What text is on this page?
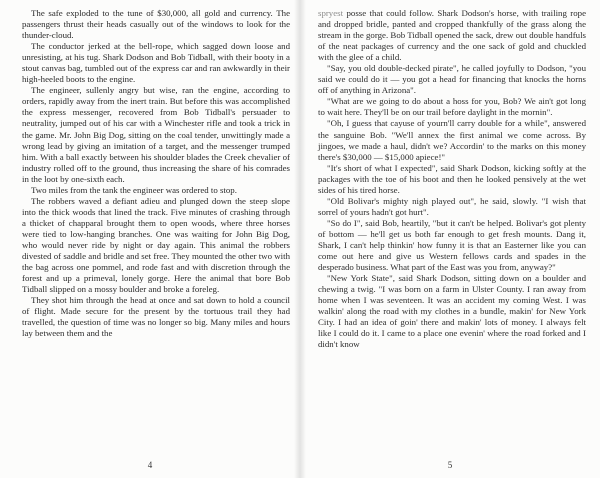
The safe exploded to the tune of $30,000, all gold and currency. The passengers thrust their heads casually out of the windows to look for the thunder-cloud.

The conductor jerked at the bell-rope, which sagged down loose and unresisting, at his tug. Shark Dodson and Bob Tidball, with their booty in a stout canvas bag, tumbled out of the express car and ran awkwardly in their high-heeled boots to the engine.

The engineer, sullenly angry but wise, ran the engine, according to orders, rapidly away from the inert train. But before this was accomplished the express messenger, recovered from Bob Tidball's persuader to neutrality, jumped out of his car with a Winchester rifle and took a trick in the game. Mr. John Big Dog, sitting on the coal tender, unwittingly made a wrong lead by giving an imitation of a target, and the messenger trumped him. With a ball exactly between his shoulder blades the Creek chevalier of industry rolled off to the ground, thus increasing the share of his comrades in the loot by one-sixth each.

Two miles from the tank the engineer was ordered to stop.

The robbers waved a defiant adieu and plunged down the steep slope into the thick woods that lined the track. Five minutes of crashing through a thicket of chapparal brought them to open woods, where three horses were tied to low-hanging branches. One was waiting for John Big Dog, who would never ride by night or day again. This animal the robbers divested of saddle and bridle and set free. They mounted the other two with the bag across one pommel, and rode fast and with discretion through the forest and up a primeval, lonely gorge. Here the animal that bore Bob Tidball slipped on a mossy boulder and broke a foreleg.

They shot him through the head at once and sat down to hold a council of flight. Made secure for the present by the tortuous trail they had travelled, the question of time was no longer so big. Many miles and hours lay between them and the

4

spryest posse that could follow. Shark Dodson's horse, with trailing rope and dropped bridle, panted and cropped thankfully of the grass along the stream in the gorge. Bob Tidball opened the sack, drew out double handfuls of the neat packages of currency and the one sack of gold and chuckled with the glee of a child.

"Say, you old double-decked pirate", he called joyfully to Dodson, "you said we could do it — you got a head for financing that knocks the horns off of anything in Arizona".

"What are we going to do about a hoss for you, Bob? We ain't got long to wait here. They'll be on our trail before daylight in the mornin".

"Oh, I guess that cayuse of yourn'll carry double for a while", answered the sanguine Bob. "We'll annex the first animal we come across. By jingoes, we made a haul, didn't we? Accordin' to the marks on this money there's $30,000 — $15,000 apiece!"

"It's short of what I expected", said Shark Dodson, kicking softly at the packages with the toe of his boot and then he looked pensively at the wet sides of his tired horse.

"Old Bolivar's mighty nigh played out", he said, slowly. "I wish that sorrel of yours hadn't got hurt".

"So do I", said Bob, heartily, "but it can't be helped. Bolivar's got plenty of bottom — he'll get us both far enough to get fresh mounts. Dang it, Shark, I can't help thinkin' how funny it is that an Easterner like you can come out here and give us Western fellows cards and spades in the desperado business. What part of the East was you from, anyway?"

"New York State", said Shark Dodson, sitting down on a boulder and chewing a twig. "I was born on a farm in Ulster County. I ran away from home when I was seventeen. It was an accident my coming West. I was walkin' along the road with my clothes in a bundle, makin' for New York City. I had an idea of goin' there and makin' lots of money. I always felt like I could do it. I came to a place one evenin' where the road forked and I didn't know

5
